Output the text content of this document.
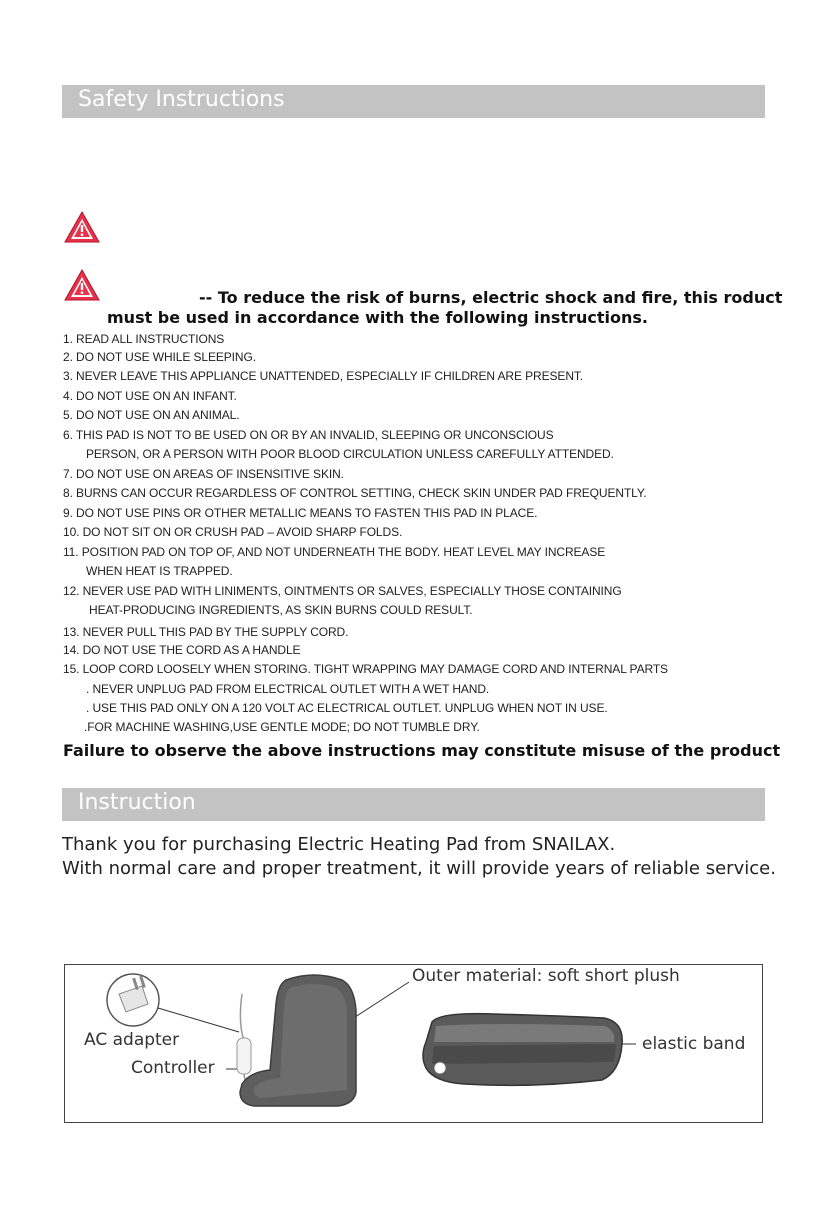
Safety Instructions
-- To reduce the risk of burns, electric shock and fire, this roduct
must be used in accordance with the following instructions.
1. READ ALL INSTRUCTIONS
2. DO NOT USE WHILE SLEEPING.
3. NEVER LEAVE THIS APPLIANCE UNATTENDED, ESPECIALLY IF CHILDREN ARE PRESENT.
4. DO NOT USE ON AN INFANT.
5. DO NOT USE ON AN ANIMAL.
6. THIS PAD IS NOT TO BE USED ON OR BY AN INVALID, SLEEPING OR UNCONSCIOUS
PERSON, OR A PERSON WITH POOR BLOOD CIRCULATION UNLESS CAREFULLY ATTENDED.
7. DO NOT USE ON AREAS OF INSENSITIVE SKIN.
8. BURNS CAN OCCUR REGARDLESS OF CONTROL SETTING, CHECK SKIN UNDER PAD FREQUENTLY.
9. DO NOT USE PINS OR OTHER METALLIC MEANS TO FASTEN THIS PAD IN PLACE.
10. DO NOT SIT ON OR CRUSH PAD – AVOID SHARP FOLDS.
11. POSITION PAD ON TOP OF, AND NOT UNDERNEATH THE BODY. HEAT LEVEL MAY INCREASE
WHEN HEAT IS TRAPPED.
12. NEVER USE PAD WITH LINIMENTS, OINTMENTS OR SALVES, ESPECIALLY THOSE CONTAINING
HEAT-PRODUCING INGREDIENTS, AS SKIN BURNS COULD RESULT.
13. NEVER PULL THIS PAD BY THE SUPPLY CORD.
14. DO NOT USE THE CORD AS A HANDLE
15. LOOP CORD LOOSELY WHEN STORING. TIGHT WRAPPING MAY DAMAGE CORD AND INTERNAL PARTS
. NEVER UNPLUG PAD FROM ELECTRICAL OUTLET WITH A WET HAND.
. USE THIS PAD ONLY ON A 120 VOLT AC ELECTRICAL OUTLET. UNPLUG WHEN NOT IN USE.
.FOR MACHINE WASHING,USE GENTLE MODE; DO NOT TUMBLE DRY.
Failure to observe the above instructions may constitute misuse of the product
Instruction
Thank you for purchasing Electric Heating Pad from SNAILAX.
With normal care and proper treatment, it will provide years of reliable service.
Outer material: soft short plush
AC adapter
Controller
elastic band
